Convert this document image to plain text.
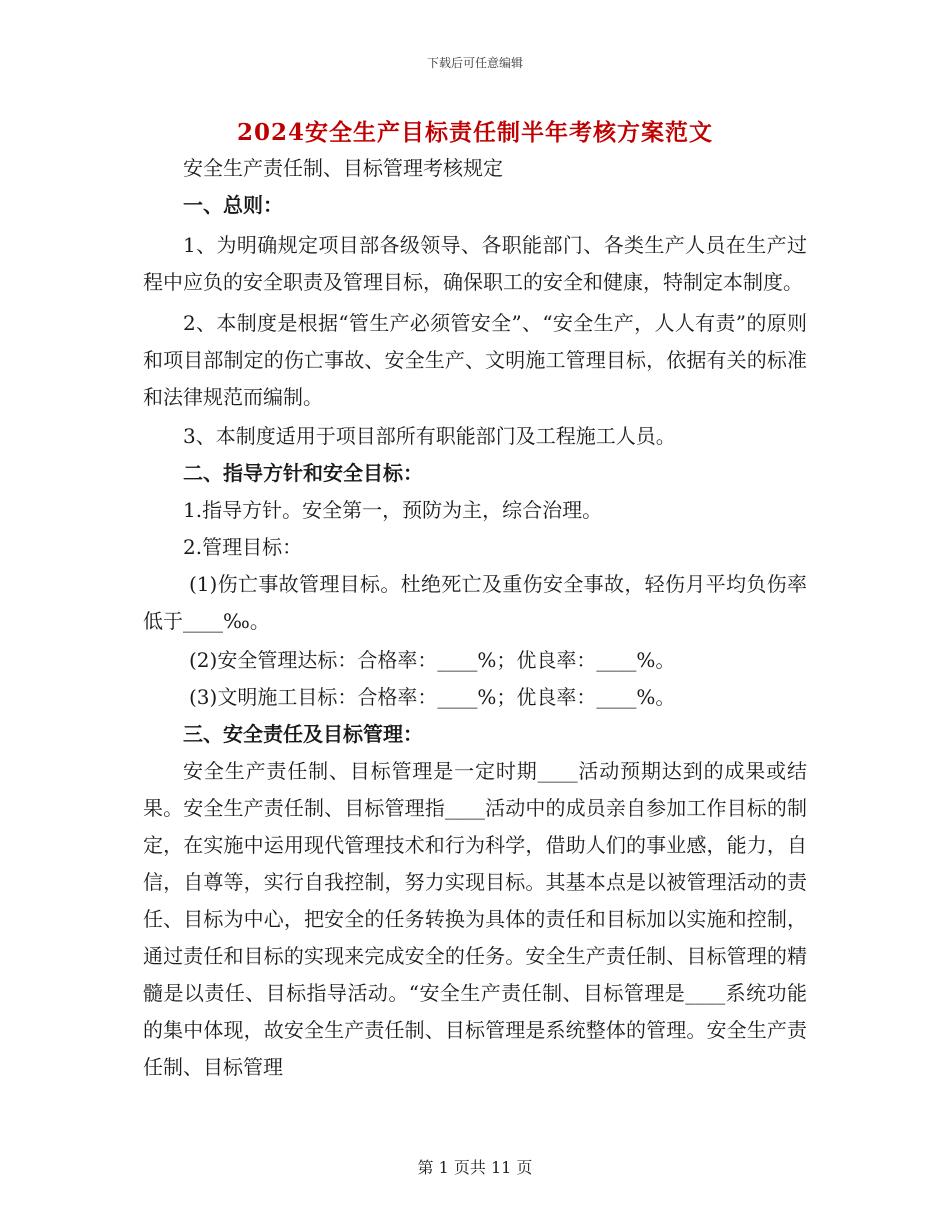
下载后可任意编辑
2024安全生产目标责任制半年考核方案范文

安全生产责任制、目标管理考核规定

一、总则：

1、为明确规定项目部各级领导、各职能部门、各类生产人员在生产过程中应负的安全职责及管理目标，确保职工的安全和健康，特制定本制度。

2、本制度是根据“管生产必须管安全”、“安全生产，人人有责”的原则和项目部制定的伤亡事故、安全生产、文明施工管理目标，依据有关的标准和法律规范而编制。

3、本制度适用于项目部所有职能部门及工程施工人员。

二、指导方针和安全目标：

1.指导方针。安全第一，预防为主，综合治理。

2.管理目标：

(1)伤亡事故管理目标。杜绝死亡及重伤安全事故，轻伤月平均负伤率低于____‰。

(2)安全管理达标：合格率：____%；优良率：____%。

(3)文明施工目标：合格率：____%；优良率：____%。

三、安全责任及目标管理：

安全生产责任制、目标管理是一定时期____活动预期达到的成果或结果。安全生产责任制、目标管理指____活动中的成员亲自参加工作目标的制定，在实施中运用现代管理技术和行为科学，借助人们的事业感，能力，自信，自尊等，实行自我控制，努力实现目标。其基本点是以被管理活动的责任、目标为中心，把安全的任务转换为具体的责任和目标加以实施和控制，通过责任和目标的实现来完成安全的任务。安全生产责任制、目标管理的精髓是以责任、目标指导活动。“安全生产责任制、目标管理是____系统功能的集中体现，故安全生产责任制、目标管理是系统整体的管理。安全生产责任制、目标管理

第 1 页共 11 页
